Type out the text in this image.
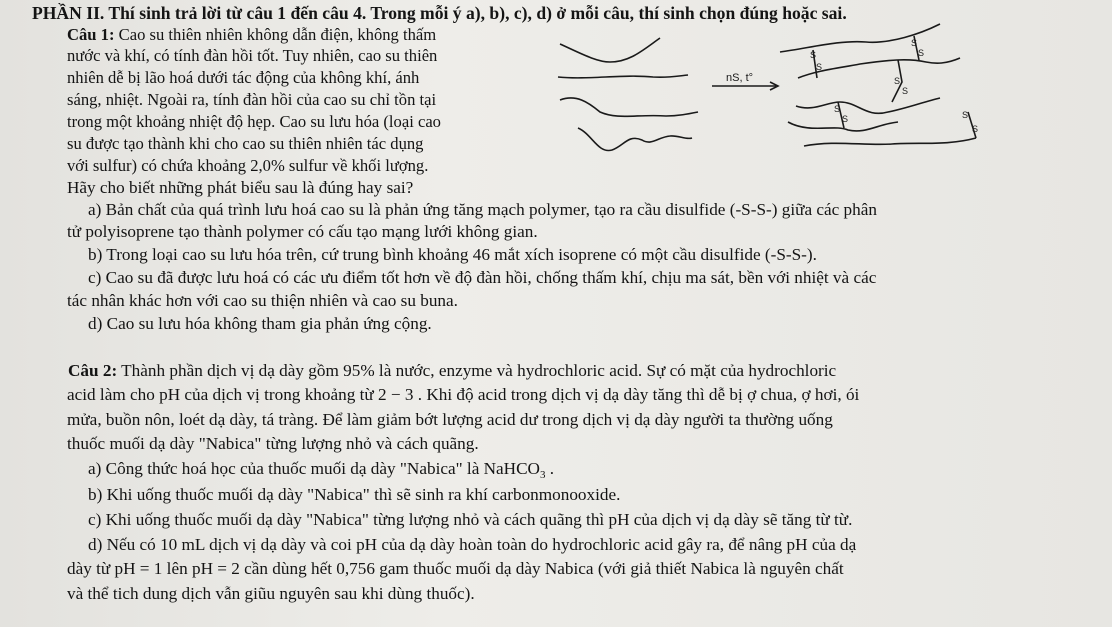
PHẦN II. Thí sinh trả lời từ câu 1 đến câu 4. Trong mỗi ý a), b), c), d) ở mỗi câu, thí sinh chọn đúng hoặc sai.
Câu 1: Cao su thiên nhiên không dẫn điện, không thấm
nước và khí, có tính đàn hồi tốt. Tuy nhiên, cao su thiên
nhiên dễ bị lão hoá dưới tác động của không khí, ánh
sáng, nhiệt. Ngoài ra, tính đàn hồi của cao su chỉ tồn tại
trong một khoảng nhiệt độ hẹp. Cao su lưu hóa (loại cao
su được tạo thành khi cho cao su thiên nhiên tác dụng
với sulfur) có chứa khoảng 2,0% sulfur về khối lượng.
nS, t°
S
S
S
S
S
S
S
S	S
S
Hãy cho biết những phát biểu sau là đúng hay sai?
a) Bản chất của quá trình lưu hoá cao su là phản ứng tăng mạch polymer, tạo ra cầu disulfide (-S-S-) giữa các phân
tử polyisoprene tạo thành polymer có cấu tạo mạng lưới không gian.
b) Trong loại cao su lưu hóa trên, cứ trung bình khoảng 46 mắt xích isoprene có một cầu disulfide (-S-S-).
c) Cao su đã được lưu hoá có các ưu điểm tốt hơn về độ đàn hồi, chống thấm khí, chịu ma sát, bền với nhiệt và các
tác nhân khác hơn với cao su thiện nhiên và cao su buna.
d) Cao su lưu hóa không tham gia phản ứng cộng.
Câu 2: Thành phần dịch vị dạ dày gồm 95% là nước, enzyme và hydrochloric acid. Sự có mặt của hydrochloric
acid làm cho pH của dịch vị trong khoảng từ 2 − 3 . Khi độ acid trong dịch vị dạ dày tăng thì dễ bị ợ chua, ợ hơi, ói
mửa, buồn nôn, loét dạ dày, tá tràng. Để làm giảm bớt lượng acid dư trong dịch vị dạ dày người ta thường uống
thuốc muối dạ dày "Nabica" từng lượng nhỏ và cách quãng.
a) Công thức hoá học của thuốc muối dạ dày "Nabica" là NaHCO$_3$ .
b) Khi uống thuốc muối dạ dày "Nabica" thì sẽ sinh ra khí carbonmonooxide.
c) Khi uống thuốc muối dạ dày "Nabica" từng lượng nhỏ và cách quãng thì pH của dịch vị dạ dày sẽ tăng từ từ.
d) Nếu có 10 mL dịch vị dạ dày và coi pH của dạ dày hoàn toàn do hydrochloric acid gây ra, để nâng pH của dạ
dày từ pH = 1 lên pH = 2 cần dùng hết 0,756 gam thuốc muối dạ dày Nabica (với giả thiết Nabica là nguyên chất
và thể tich dung dịch vẫn giũu nguyên sau khi dùng thuốc).
